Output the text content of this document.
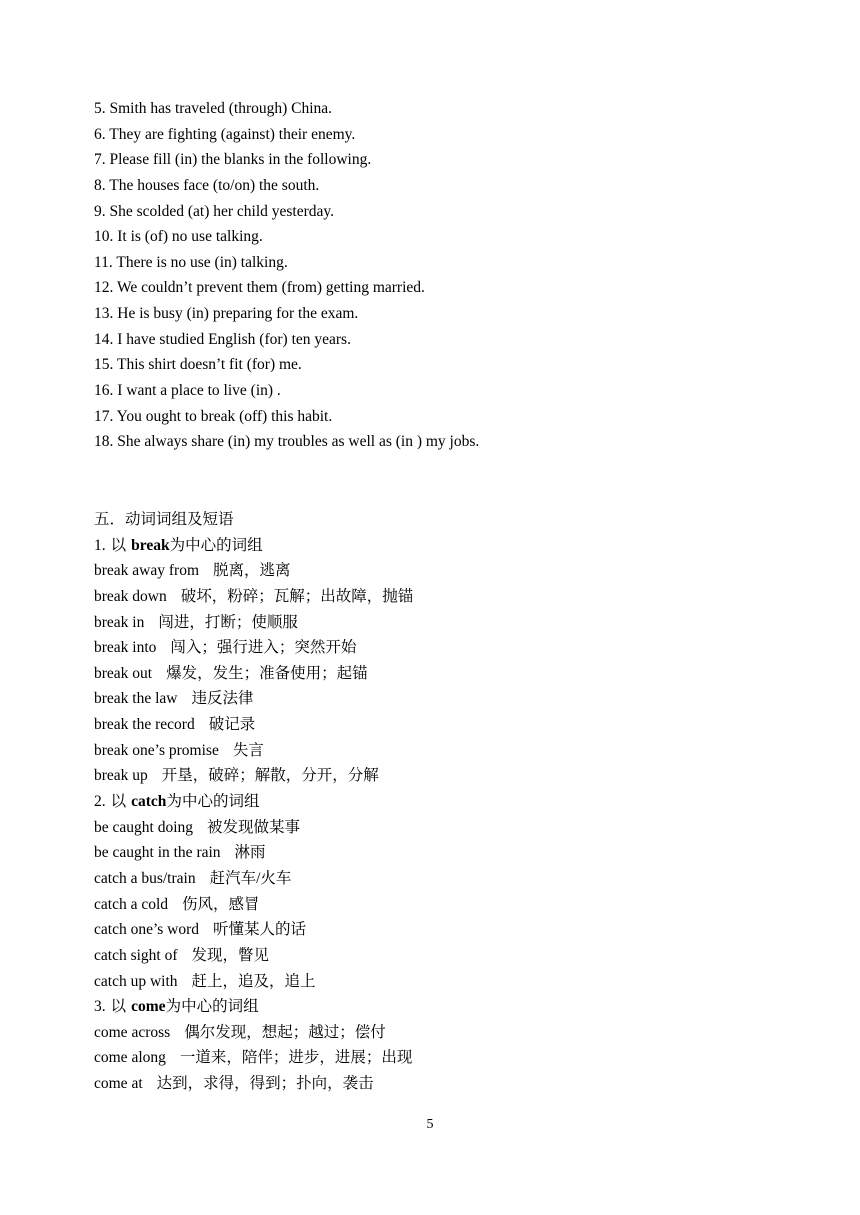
5. Smith has traveled (through) China.
6. They are fighting (against) their enemy.
7. Please fill (in) the blanks in the following.
8. The houses face (to/on) the south.
9. She scolded (at) her child yesterday.
10. It is (of) no use talking.
11. There is no use (in) talking.
12. We couldn’t prevent them (from) getting married.
13. He is busy (in) preparing for the exam.
14. I have studied English (for) ten years.
15. This shirt doesn’t fit (for) me.
16. I want a place to live (in) .
17. You ought to break (off) this habit.
18. She always share (in) my troubles as well as (in ) my jobs.
五．动词词组及短语
1. 以 break为中心的词组
break away from 脱离，逃离
break down 破坏，粉碎；瓦解；出故障，抛锚
break in 闯进，打断；使顺服
break into 闯入；强行进入；突然开始
break out 爆发，发生；准备使用；起锚
break the law 违反法律
break the record 破记录
break one’s promise 失言
break up 开垦，破碎；解散，分开，分解
2. 以 catch为中心的词组
be caught doing 被发现做某事
be caught in the rain 淋雨
catch a bus/train 赶汽车/火车
catch a cold 伤风，感冒
catch one’s word 听懂某人的话
catch sight of 发现，瞥见
catch up with 赶上，追及，追上
3. 以 come为中心的词组
come across 偶尔发现，想起；越过；偿付
come along 一道来，陪伴；进步，进展；出现
come at 达到，求得，得到；扑向，袭击
5
